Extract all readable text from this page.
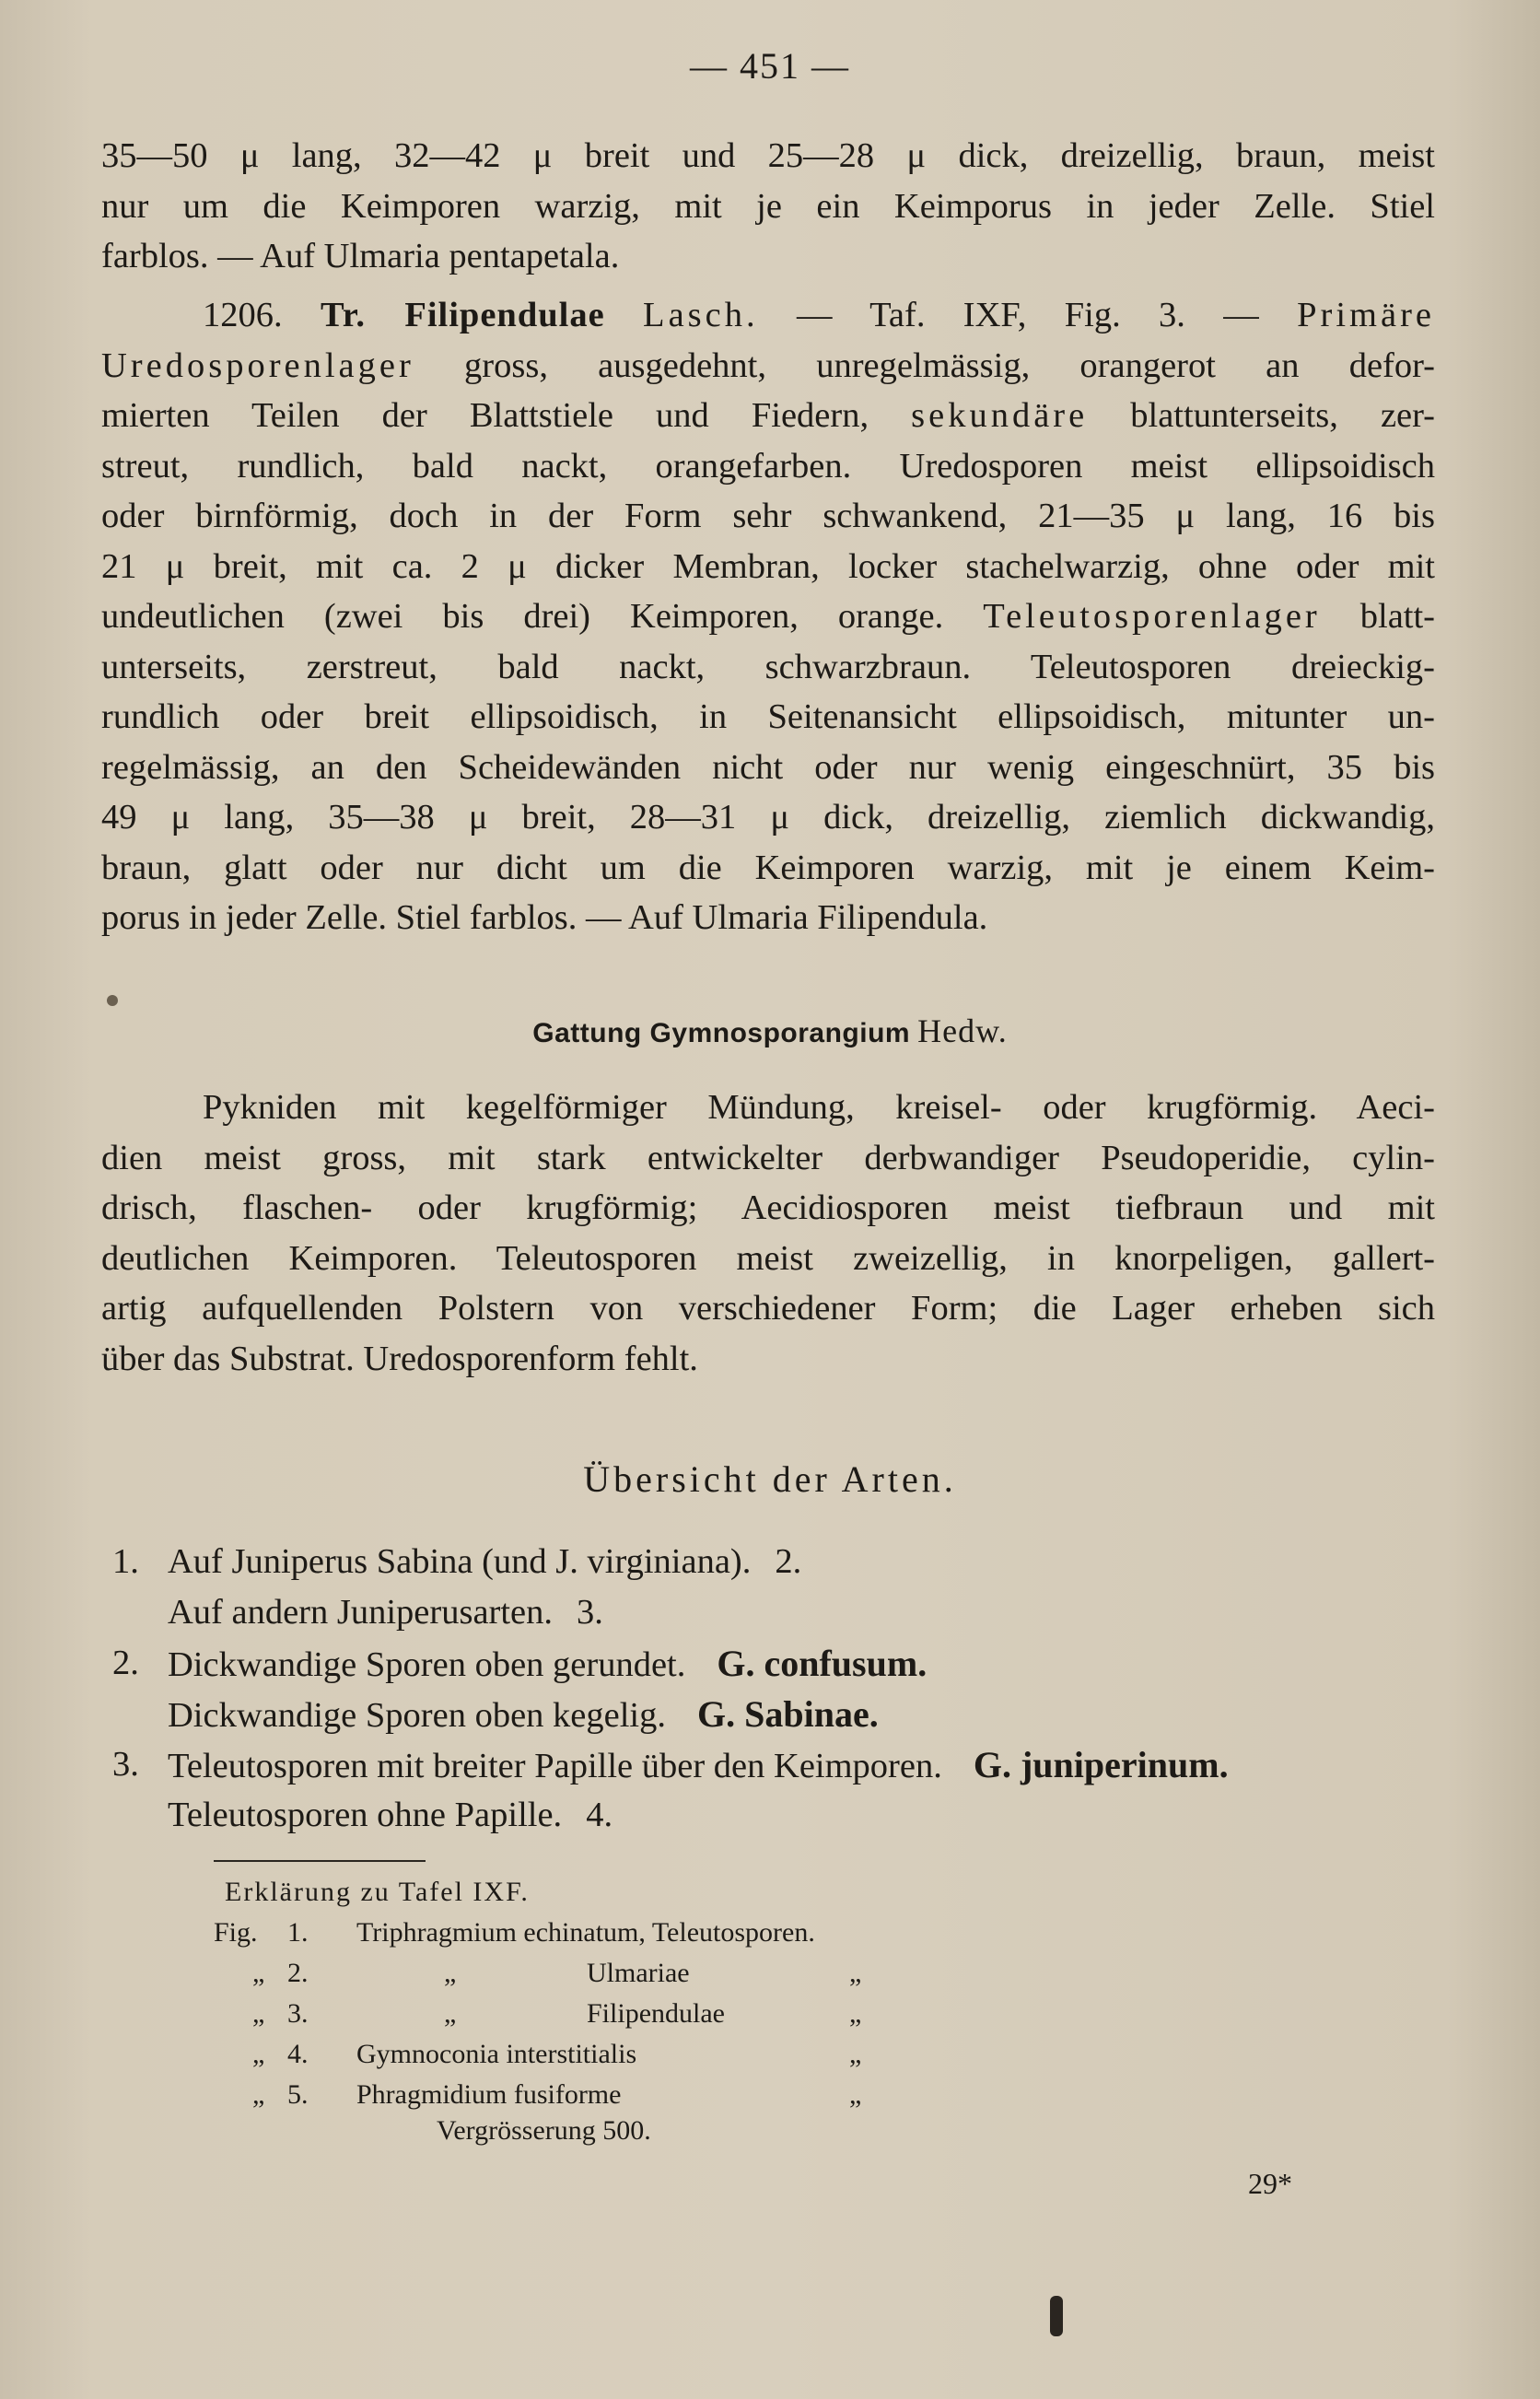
— 451 —
35—50 μ lang, 32—42 μ breit und 25—28 μ dick, dreizellig, braun, meist
nur um die Keimporen warzig, mit je ein Keimporus in jeder Zelle. Stiel
farblos. — Auf Ulmaria pentapetala.
1206. Tr. Filipendulae Lasch. — Taf. IXF, Fig. 3. — Primäre
Uredosporenlager gross, ausgedehnt, unregelmässig, orangerot an defor-
mierten Teilen der Blattstiele und Fiedern, sekundäre blattunterseits, zer-
streut, rundlich, bald nackt, orangefarben. Uredosporen meist ellipsoidisch
oder birnförmig, doch in der Form sehr schwankend, 21—35 μ lang, 16 bis
21 μ breit, mit ca. 2 μ dicker Membran, locker stachelwarzig, ohne oder mit
undeutlichen (zwei bis drei) Keimporen, orange. Teleutosporenlager blatt-
unterseits, zerstreut, bald nackt, schwarzbraun. Teleutosporen dreieckig-
rundlich oder breit ellipsoidisch, in Seitenansicht ellipsoidisch, mitunter un-
regelmässig, an den Scheidewänden nicht oder nur wenig eingeschnürt, 35 bis
49 μ lang, 35—38 μ breit, 28—31 μ dick, dreizellig, ziemlich dickwandig,
braun, glatt oder nur dicht um die Keimporen warzig, mit je einem Keim-
porus in jeder Zelle. Stiel farblos. — Auf Ulmaria Filipendula.
Gattung Gymnosporangium Hedw.
Pykniden mit kegelförmiger Mündung, kreisel- oder krugförmig. Aeci-
dien meist gross, mit stark entwickelter derbwandiger Pseudoperidie, cylin-
drisch, flaschen- oder krugförmig; Aecidiosporen meist tiefbraun und mit
deutlichen Keimporen. Teleutosporen meist zweizellig, in knorpeligen, gallert-
artig aufquellenden Polstern von verschiedener Form; die Lager erheben sich
über das Substrat. Uredosporenform fehlt.
Übersicht der Arten.
1. Auf Juniperus Sabina (und J. virginiana). 2.
Auf andern Juniperusarten. 3.
2. Dickwandige Sporen oben gerundet. G. confusum.
Dickwandige Sporen oben kegelig. G. Sabinae.
3. Teleutosporen mit breiter Papille über den Keimporen. G. juniperinum.
Teleutosporen ohne Papille. 4.
Erklärung zu Tafel IXF.
Fig. 1. Triphragmium echinatum, Teleutosporen.
„ 2.	„	Ulmariae	„
„ 3.	„	Filipendulae	„
„ 4. Gymnoconia interstitialis	„
„ 5. Phragmidium fusiforme	„
Vergrösserung 500.
29*
